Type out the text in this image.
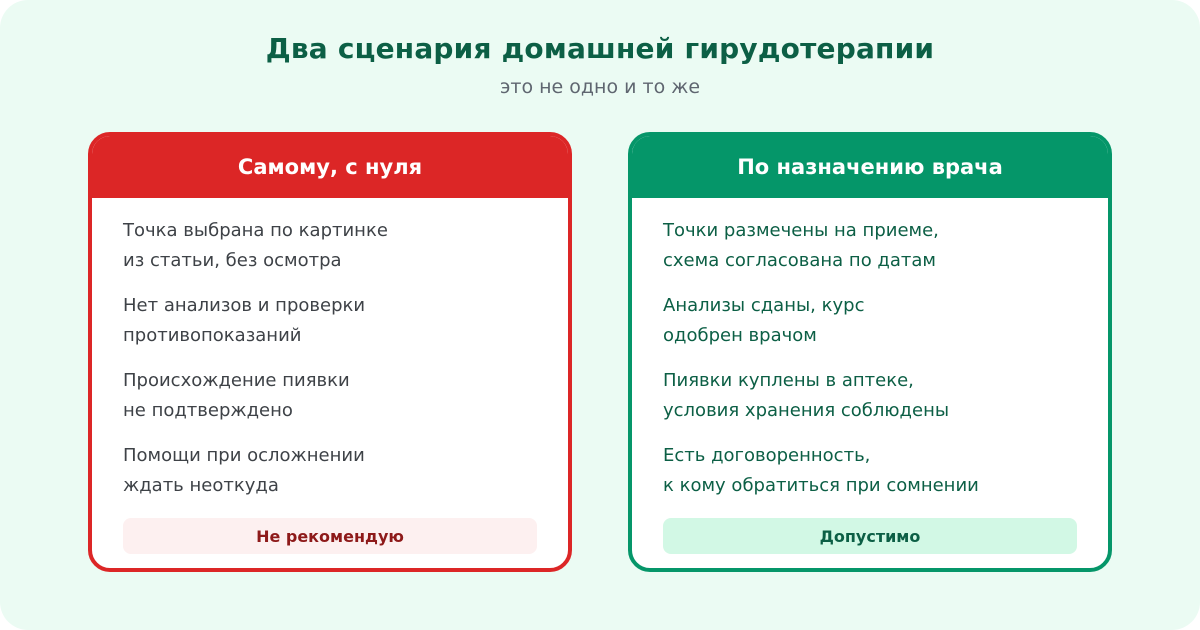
Два сценария домашней гирудотерапии
это не одно и то же
Самому, с нуля
Точка выбрана по картинке
из статьи, без осмотра
Нет анализов и проверки
противопоказаний
Происхождение пиявки
не подтверждено
Помощи при осложнении
ждать неоткуда
Не рекомендую
По назначению врача
Точки размечены на приеме,
схема согласована по датам
Анализы сданы, курс
одобрен врачом
Пиявки куплены в аптеке,
условия хранения соблюдены
Есть договоренность,
к кому обратиться при сомнении
Допустимо
